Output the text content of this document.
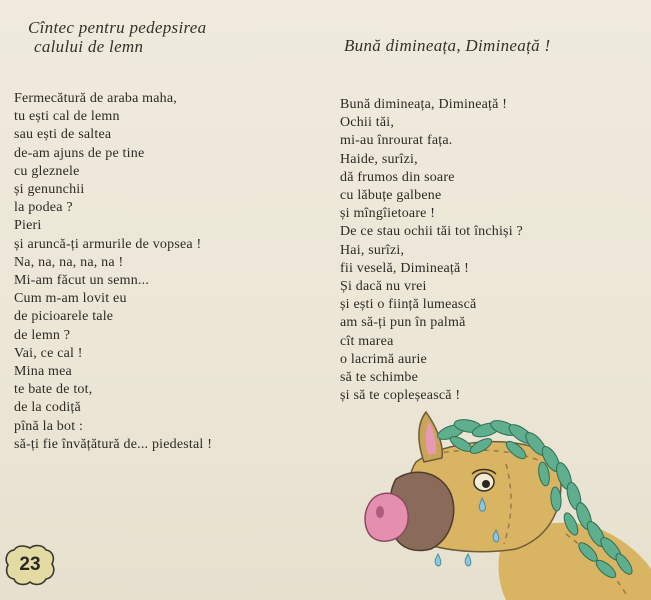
Cîntec pentru pedepsirea
calului de lemn	Bună dimineața, Dimineață !
Fermecătură de araba maha,
tu ești cal de lemn
sau ești de saltea
de-am ajuns de pe tine
cu gleznele
și genunchii
la podea ?
Pieri
și aruncă-ți armurile de vopsea !
Na, na, na, na, na !
Mi-am făcut un semn...
Cum m-am lovit eu
de picioarele tale
de lemn ?
Vai, ce cal !
Mina mea
te bate de tot,
de la codiță
pînă la bot :
să-ți fie învățătură de... piedestal !
Bună dimineața, Dimineață !
Ochii tăi,
mi-au înrourat fața.
Haide, surîzi,
dă frumos din soare
cu lăbuțe galbene
și mîngîietoare !
De ce stau ochii tăi tot închiși ?
Hai, surîzi,
fii veselă, Dimineață !
Și dacă nu vrei
și ești o ființă lumească
am să-ți pun în palmă
cît marea
o lacrimă aurie
să te schimbe
și să te copleșească !
23
